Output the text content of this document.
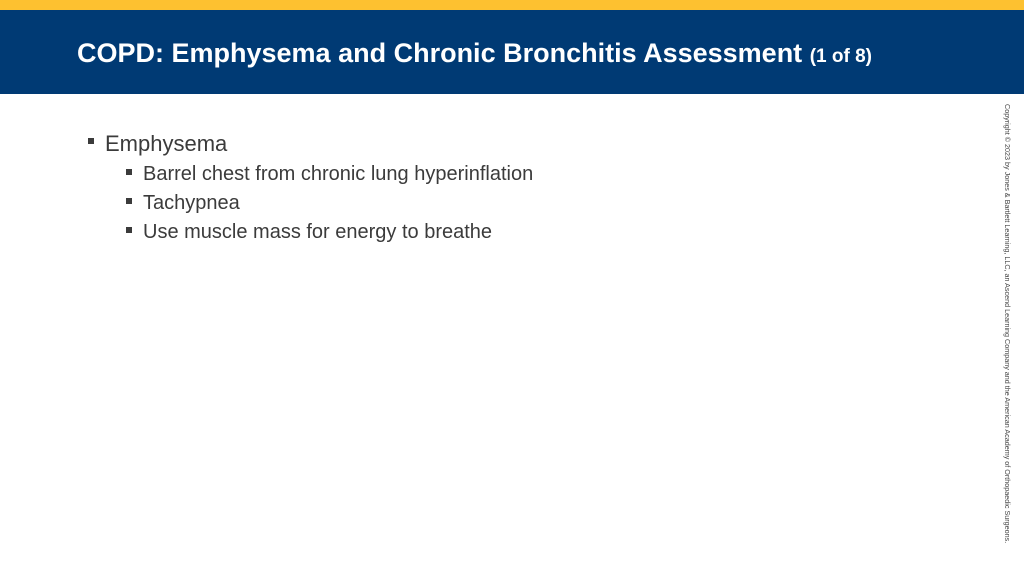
COPD: Emphysema and Chronic Bronchitis Assessment (1 of 8)
Emphysema
Barrel chest from chronic lung hyperinflation
Tachypnea
Use muscle mass for energy to breathe	Copyright © 2023 by Jones & Bartlett Learning, LLC, an Ascend Learning Company and the American Academy of Orthopaedic Surgeons.
